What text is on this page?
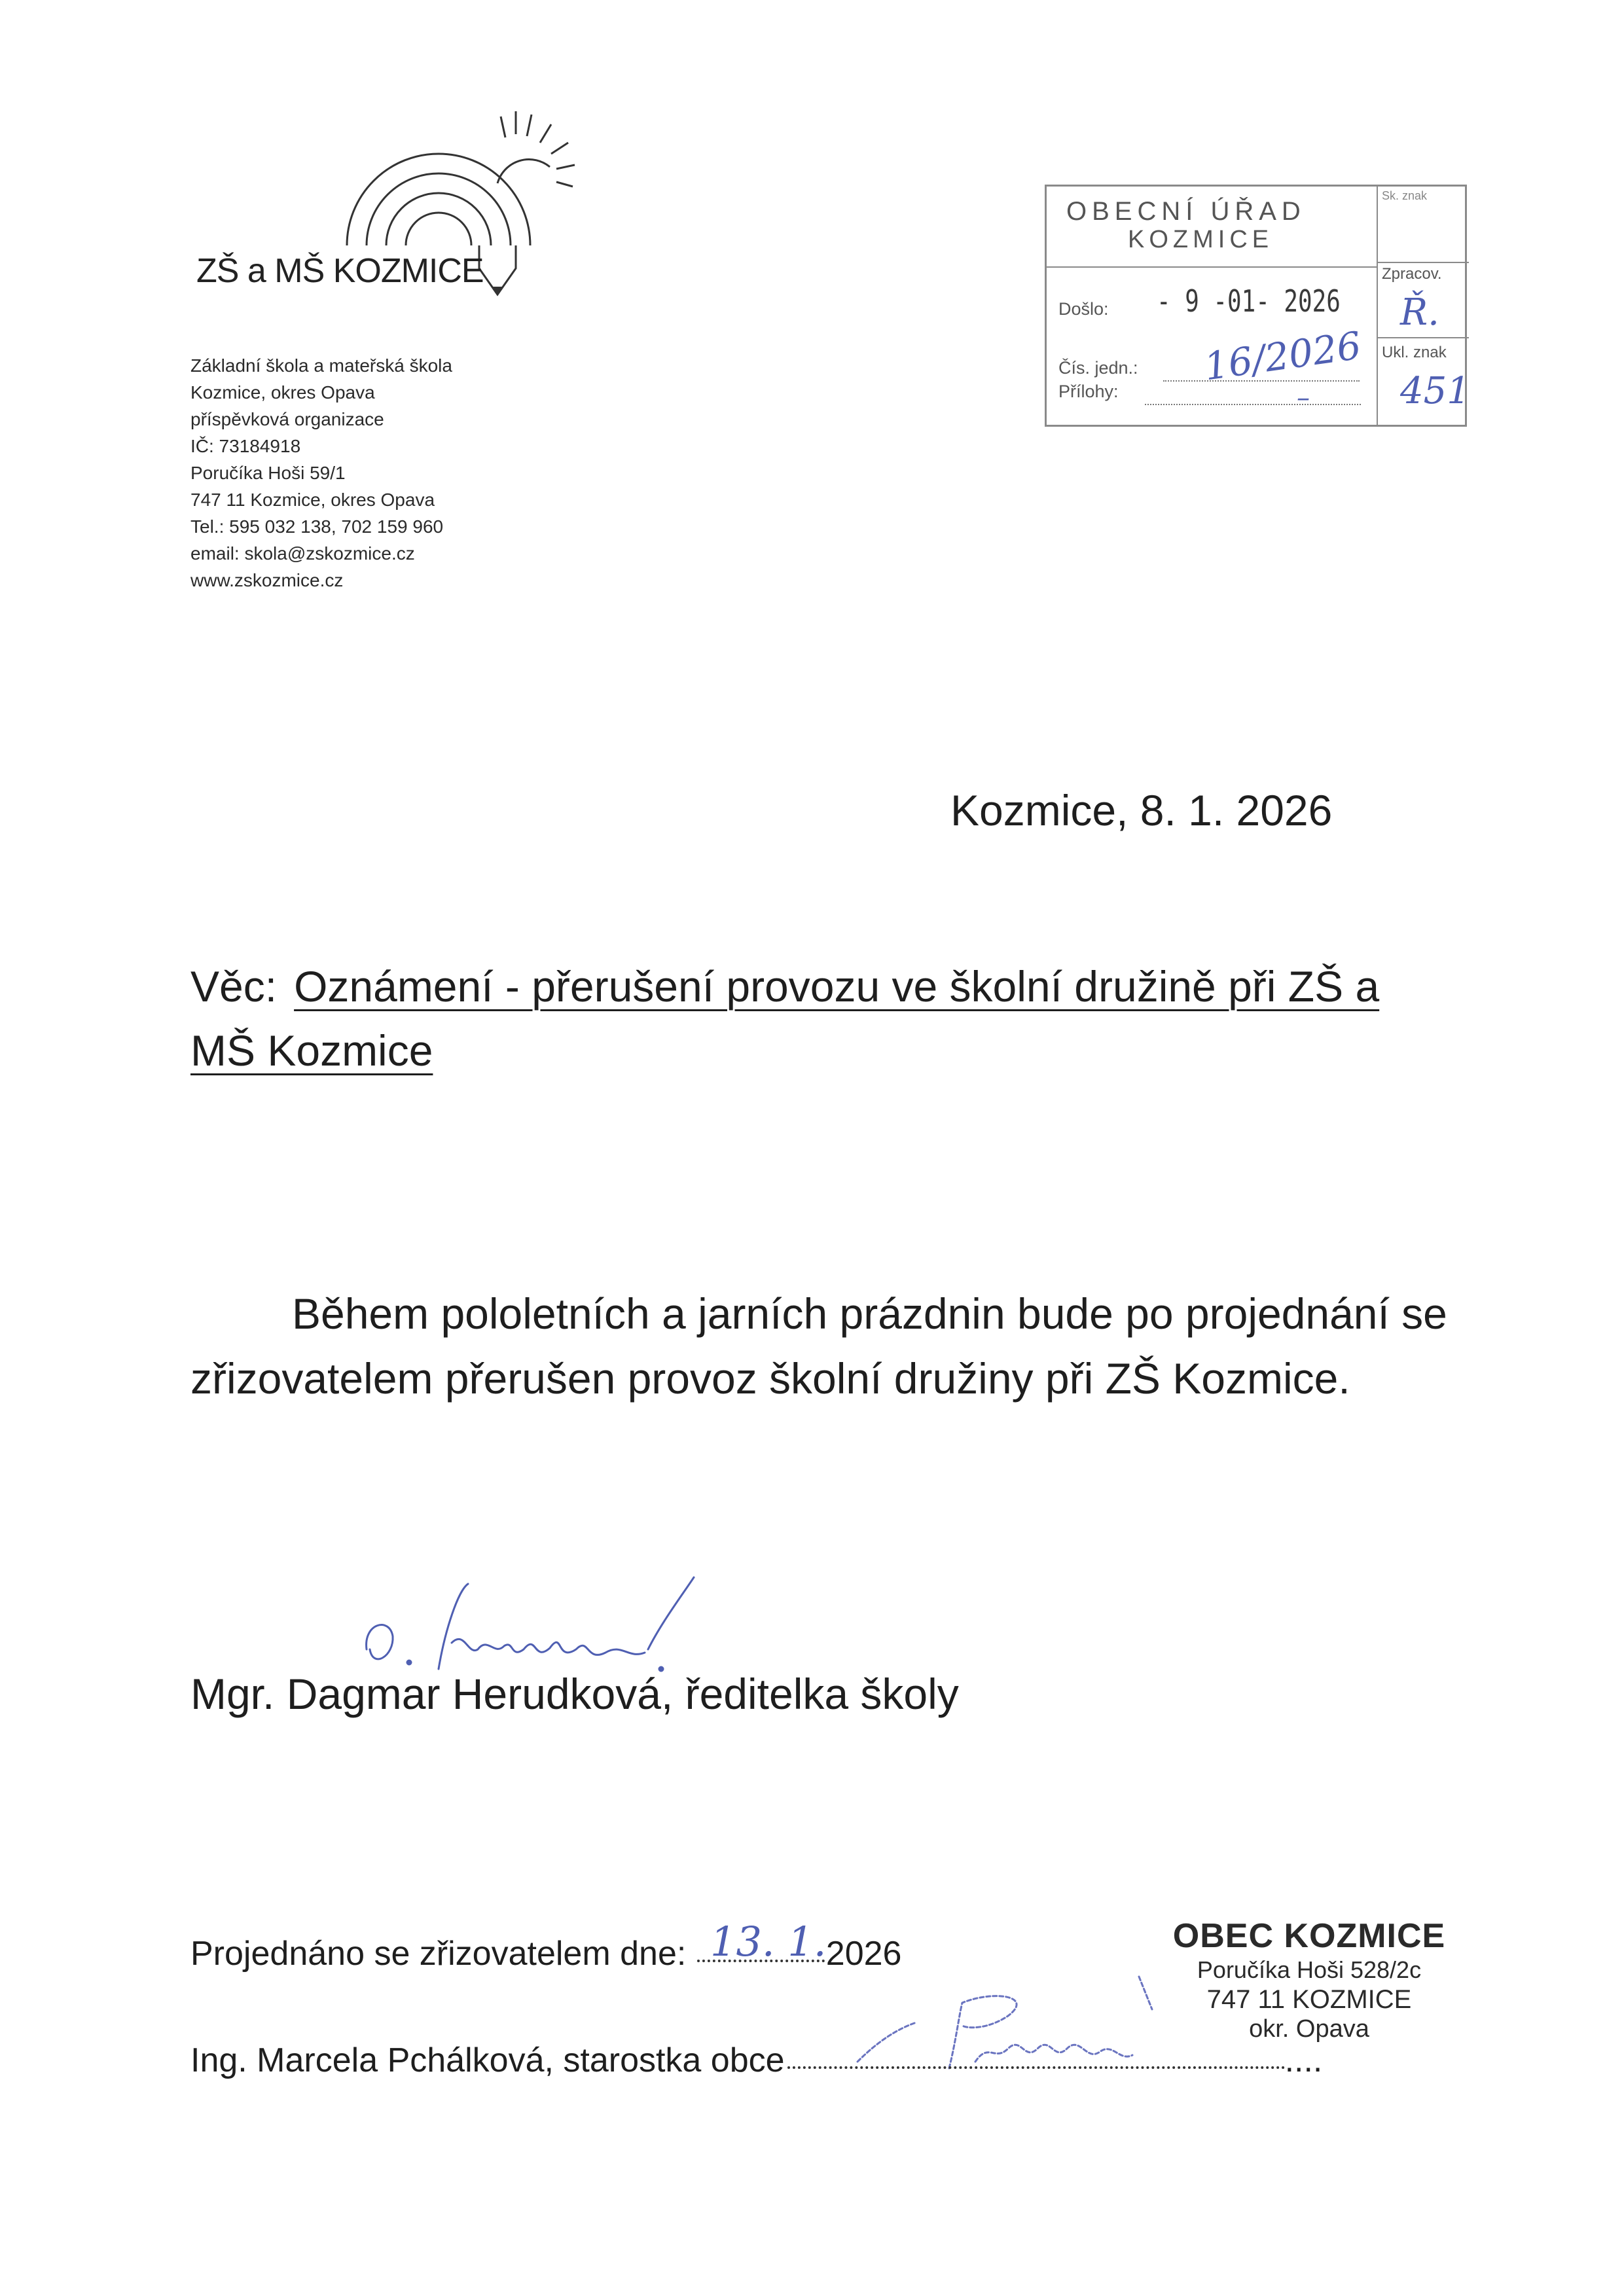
ZŠ a MŠ KOZMICE
Základní škola a mateřská škola
Kozmice, okres Opava
příspěvková organizace
IČ: 73184918
Poručíka Hoši 59/1
747 11 Kozmice, okres Opava
Tel.: 595 032 138, 702 159 960
email: skola@zskozmice.cz
www.zskozmice.cz
OBECNÍ ÚŘAD
KOZMICE
Sk. znak
Došlo: - 9 -01- 2026
Čís. jedn.: 16/2026
Přílohy:	–
Zpracov.
Ř.
Ukl. znak
451
Kozmice, 8. 1. 2026
Věc: Oznámení - přerušení provozu ve školní družině při ZŠ a MŠ Kozmice
Během pololetních a jarních prázdnin bude po projednání se zřizovatelem přerušen provoz školní družiny při ZŠ Kozmice.
Mgr. Dagmar Herudková, ředitelka školy
Projednáno se zřizovatelem dne:	2026
13. 1.
Ing. Marcela Pchálková, starostka obce	....
OBEC KOZMICE
Poručíka Hoši 528/2c
747 11 KOZMICE
okr. Opava
